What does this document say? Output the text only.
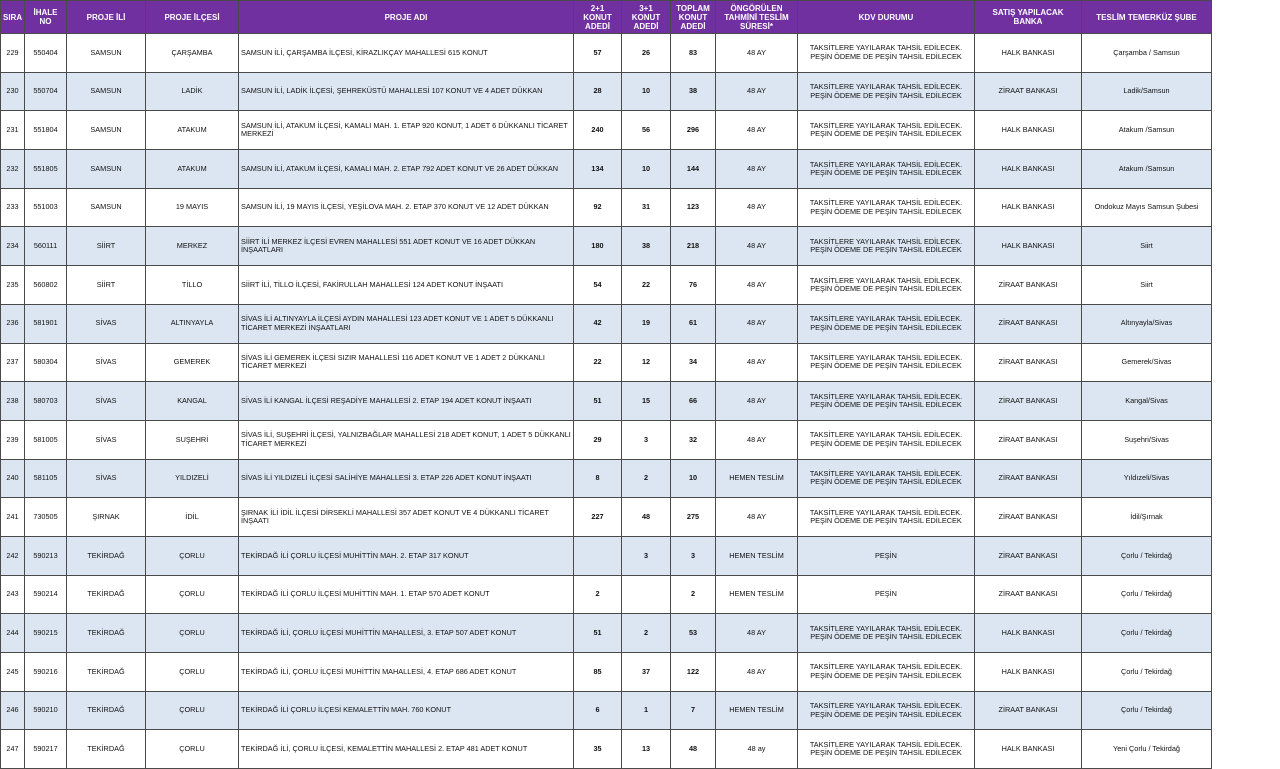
SIRA	İHALE NO	PROJE İLİ	PROJE İLÇESİ	PROJE ADI	2+1 KONUT ADEDİ	3+1 KONUT ADEDİ	TOPLAM KONUT ADEDİ	ÖNGÖRÜLEN TAHMİNİ TESLİM SÜRESİ*	KDV DURUMU	SATIŞ YAPILACAK BANKA	TESLİM TEMERKÜZ ŞUBE
229	550404	SAMSUN	ÇARŞAMBA	SAMSUN İLİ, ÇARŞAMBA İLÇESİ, KİRAZLIKÇAY MAHALLESİ 615 KONUT	57	26	83	48 AY	TAKSİTLERE YAYILARAK TAHSİL EDİLECEK.
PEŞİN ÖDEME DE PEŞİN TAHSİL EDİLECEK	HALK BANKASI	Çarşamba / Samsun
230	550704	SAMSUN	LADİK	SAMSUN İLİ, LADİK İLÇESİ, ŞEHREKÜSTÜ MAHALLESİ 107 KONUT VE 4 ADET DÜKKAN	28	10	38	48 AY	TAKSİTLERE YAYILARAK TAHSİL EDİLECEK.
PEŞİN ÖDEME DE PEŞİN TAHSİL EDİLECEK	ZİRAAT BANKASI	Ladik/Samsun
231	551804	SAMSUN	ATAKUM	SAMSUN İLİ, ATAKUM İLÇESİ, KAMALI MAH. 1. ETAP 920 KONUT, 1 ADET 6 DÜKKANLI TİCARET MERKEZİ	240	56	296	48 AY	TAKSİTLERE YAYILARAK TAHSİL EDİLECEK.
PEŞİN ÖDEME DE PEŞİN TAHSİL EDİLECEK	HALK BANKASI	Atakum /Samsun
232	551805	SAMSUN	ATAKUM	SAMSUN İLİ, ATAKUM İLÇESİ, KAMALI MAH. 2. ETAP 792 ADET KONUT VE 26 ADET DÜKKAN	134	10	144	48 AY	TAKSİTLERE YAYILARAK TAHSİL EDİLECEK.
PEŞİN ÖDEME DE PEŞİN TAHSİL EDİLECEK	HALK BANKASI	Atakum /Samsun
233	551003	SAMSUN	19 MAYIS	SAMSUN İLİ, 19 MAYIS İLÇESİ, YEŞİLOVA MAH. 2. ETAP 370 KONUT VE 12 ADET DÜKKAN	92	31	123	48 AY	TAKSİTLERE YAYILARAK TAHSİL EDİLECEK.
PEŞİN ÖDEME DE PEŞİN TAHSİL EDİLECEK	HALK BANKASI	Ondokuz Mayıs Samsun Şubesi
234	560111	SİİRT	MERKEZ	SİİRT İLİ MERKEZ İLÇESİ EVREN MAHALLESİ 551 ADET KONUT VE 16 ADET DÜKKAN İNŞAATLARI	180	38	218	48 AY	TAKSİTLERE YAYILARAK TAHSİL EDİLECEK.
PEŞİN ÖDEME DE PEŞİN TAHSİL EDİLECEK	HALK BANKASI	Siirt
235	560802	SİİRT	TİLLO	SİİRT İLİ, TİLLO İLÇESİ, FAKİRULLAH MAHALLESİ 124 ADET KONUT İNŞAATI	54	22	76	48 AY	TAKSİTLERE YAYILARAK TAHSİL EDİLECEK.
PEŞİN ÖDEME DE PEŞİN TAHSİL EDİLECEK	ZİRAAT BANKASI	Siirt
236	581901	SİVAS	ALTINYAYLA	SİVAS İLİ ALTINYAYLA İLÇESİ AYDIN MAHALLESİ 123 ADET KONUT VE 1 ADET 5 DÜKKANLI TİCARET MERKEZİ İNŞAATLARI	42	19	61	48 AY	TAKSİTLERE YAYILARAK TAHSİL EDİLECEK.
PEŞİN ÖDEME DE PEŞİN TAHSİL EDİLECEK	ZİRAAT BANKASI	Altınyayla/Sivas
237	580304	SİVAS	GEMEREK	SİVAS İLİ GEMEREK İLÇESİ SIZIR MAHALLESİ 116 ADET KONUT VE 1 ADET 2 DÜKKANLI TİCARET MERKEZİ	22	12	34	48 AY	TAKSİTLERE YAYILARAK TAHSİL EDİLECEK.
PEŞİN ÖDEME DE PEŞİN TAHSİL EDİLECEK	ZİRAAT BANKASI	Gemerek/Sivas
238	580703	SİVAS	KANGAL	SİVAS İLİ KANGAL İLÇESİ REŞADİYE MAHALLESİ 2. ETAP 194 ADET KONUT İNŞAATI	51	15	66	48 AY	TAKSİTLERE YAYILARAK TAHSİL EDİLECEK.
PEŞİN ÖDEME DE PEŞİN TAHSİL EDİLECEK	ZİRAAT BANKASI	Kangal/Sivas
239	581005	SİVAS	SUŞEHRİ	SİVAS İLİ, SUŞEHRİ İLÇESİ, YALNIZBAĞLAR MAHALLESİ 218 ADET KONUT, 1 ADET 5 DÜKKANLI TİCARET MERKEZİ	29	3	32	48 AY	TAKSİTLERE YAYILARAK TAHSİL EDİLECEK.
PEŞİN ÖDEME DE PEŞİN TAHSİL EDİLECEK	ZİRAAT BANKASI	Suşehri/Sivas
240	581105	SİVAS	YILDIZELİ	SİVAS İLİ YILDIZELİ İLÇESİ SALİHİYE MAHALLESİ 3. ETAP 226 ADET KONUT İNŞAATI	8	2	10	HEMEN TESLİM	TAKSİTLERE YAYILARAK TAHSİL EDİLECEK.
PEŞİN ÖDEME DE PEŞİN TAHSİL EDİLECEK	ZİRAAT BANKASI	Yıldızeli/Sivas
241	730505	ŞIRNAK	İDİL	ŞIRNAK İLİ İDİL İLÇESİ DİRSEKLİ MAHALLESİ 357 ADET KONUT VE 4 DÜKKANLI TİCARET İNŞAATI	227	48	275	48 AY	TAKSİTLERE YAYILARAK TAHSİL EDİLECEK.
PEŞİN ÖDEME DE PEŞİN TAHSİL EDİLECEK	ZİRAAT BANKASI	İdil/Şırnak
242	590213	TEKİRDAĞ	ÇORLU	TEKİRDAĞ İLİ ÇORLU İLÇESİ MUHİTTİN MAH. 2. ETAP 317 KONUT		3	3	HEMEN TESLİM	PEŞİN	ZİRAAT BANKASI	Çorlu / Tekirdağ
243	590214	TEKİRDAĞ	ÇORLU	TEKİRDAĞ İLİ ÇORLU İLÇESİ MUHİTTİN MAH. 1. ETAP 570 ADET KONUT	2		2	HEMEN TESLİM	PEŞİN	ZİRAAT BANKASI	Çorlu / Tekirdağ
244	590215	TEKİRDAĞ	ÇORLU	TEKİRDAĞ İLİ, ÇORLU İLÇESİ MUHİTTİN MAHALLESİ, 3. ETAP 507 ADET KONUT	51	2	53	48 AY	TAKSİTLERE YAYILARAK TAHSİL EDİLECEK.
PEŞİN ÖDEME DE PEŞİN TAHSİL EDİLECEK	HALK BANKASI	Çorlu / Tekirdağ
245	590216	TEKİRDAĞ	ÇORLU	TEKİRDAĞ İLİ, ÇORLU İLÇESİ MUHİTTİN MAHALLESİ, 4. ETAP 686 ADET KONUT	85	37	122	48 AY	TAKSİTLERE YAYILARAK TAHSİL EDİLECEK.
PEŞİN ÖDEME DE PEŞİN TAHSİL EDİLECEK	HALK BANKASI	Çorlu / Tekirdağ
246	590210	TEKİRDAĞ	ÇORLU	TEKİRDAĞ İLİ ÇORLU İLÇESİ KEMALETTİN MAH. 760 KONUT	6	1	7	HEMEN TESLİM	TAKSİTLERE YAYILARAK TAHSİL EDİLECEK.
PEŞİN ÖDEME DE PEŞİN TAHSİL EDİLECEK	ZİRAAT BANKASI	Çorlu / Tekirdağ
247	590217	TEKİRDAĞ	ÇORLU	TEKİRDAĞ İLİ, ÇORLU İLÇESİ, KEMALETTİN MAHALLESİ 2. ETAP 481 ADET KONUT	35	13	48	48 ay	TAKSİTLERE YAYILARAK TAHSİL EDİLECEK.
PEŞİN ÖDEME DE PEŞİN TAHSİL EDİLECEK	HALK BANKASI	Yeni Çorlu / Tekirdağ
